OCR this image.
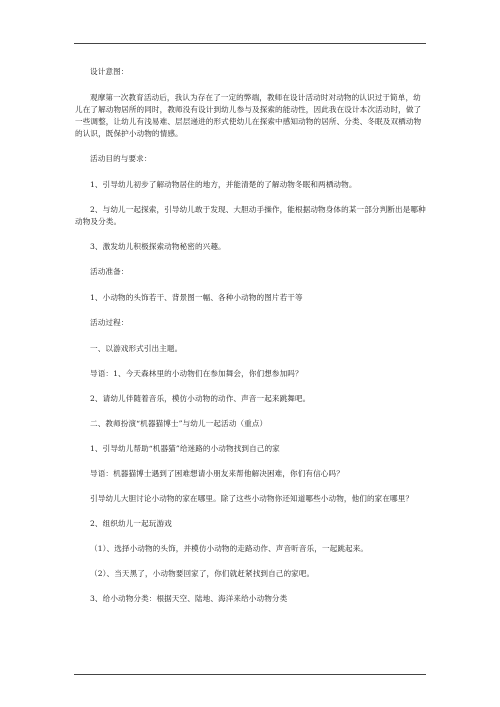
设计意图：

观摩第一次教育活动后，我认为存在了一定的弊端，教师在设计活动时对动物的认识过于简单，幼儿在了解动物居所的同时，教师没有设计到幼儿参与及探索的能动性，因此我在设计本次活动时，做了一些调整，让幼儿有浅易难、层层递进的形式使幼儿在探索中感知动物的居所、分类、冬眠及双栖动物的认识，既保护小动物的情感。

活动目的与要求：

1、引导幼儿初步了解动物居住的地方，并能清楚的了解动物冬眠和两栖动物。

2、与幼儿一起探索，引导幼儿敢于发现、大胆动手操作，能根据动物身体的某一部分判断出是哪种动物及分类。

3、激发幼儿积极探索动物秘密的兴趣。

活动准备：

1、小动物的头饰若干、背景图一幅、各种小动物的图片若干等

活动过程：

一、以游戏形式引出主题。

导语：1、今天森林里的小动物们在参加舞会，你们想参加吗？

2、请幼儿伴随着音乐，模仿小动物的动作、声音一起来跳舞吧。

二、教师扮演“机器猫博士”与幼儿一起活动（重点）

1、引导幼儿帮助“机器猫”给迷路的小动物找到自己的家

导语：机器猫博士遇到了困难想请小朋友来帮他解决困难，你们有信心吗？

引导幼儿大胆讨论小动物的家在哪里。除了这些小动物你还知道哪些小动物，他们的家在哪里？

2、组织幼儿一起玩游戏

（1）、选择小动物的头饰，并模仿小动物的走路动作、声音听音乐，一起跳起来。

（2）、当天黑了，小动物要回家了，你们就赶紧找到自己的家吧。

3、给小动物分类：根据天空、陆地、海洋来给小动物分类
